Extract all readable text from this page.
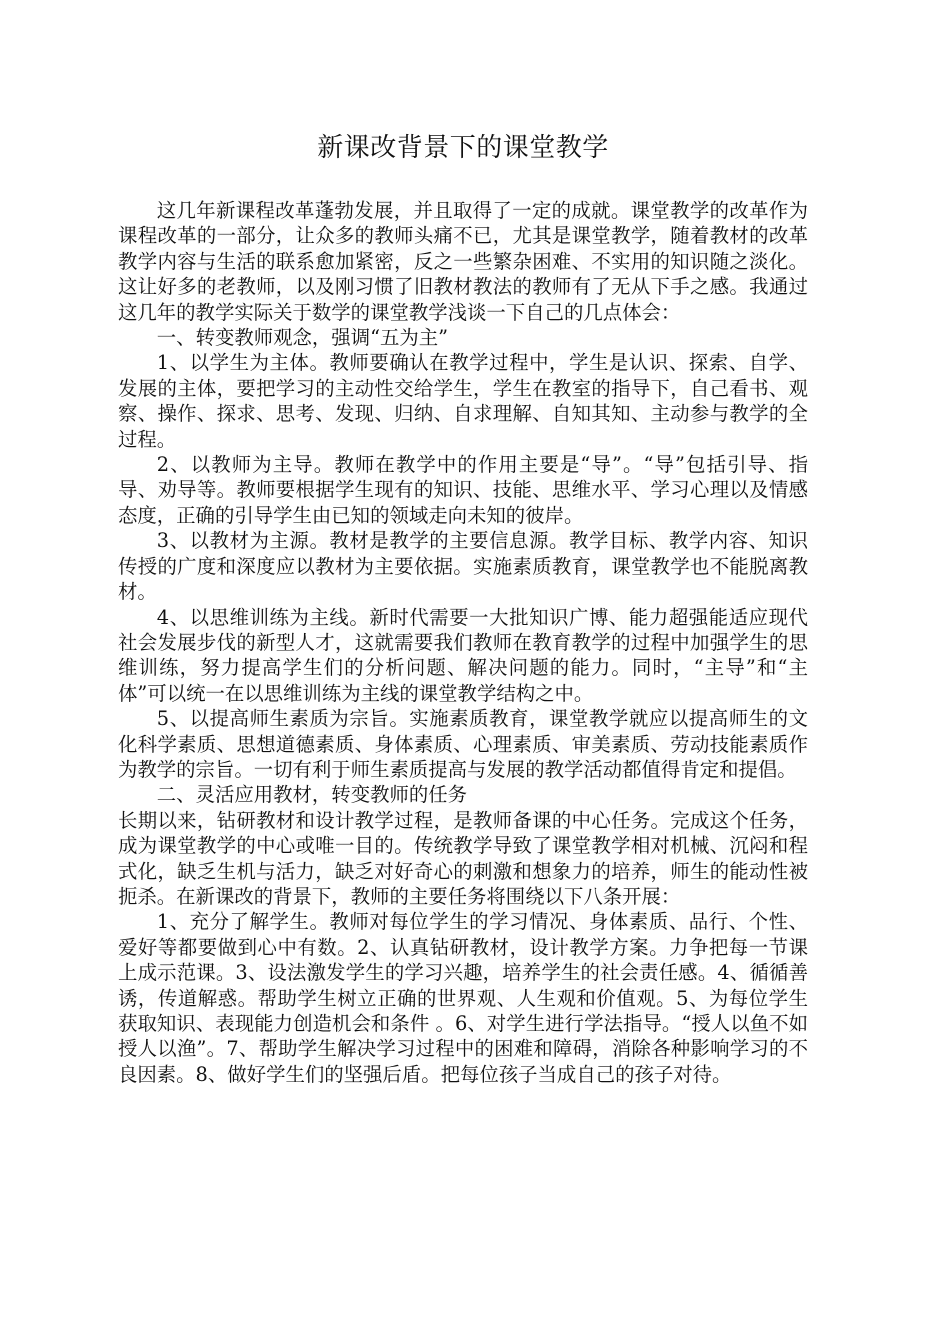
新课改背景下的课堂教学

这几年新课程改革蓬勃发展，并且取得了一定的成就。课堂教学的改革作为课程改革的一部分，让众多的教师头痛不已，尤其是课堂教学，随着教材的改革教学内容与生活的联系愈加紧密，反之一些繁杂困难、不实用的知识随之淡化。这让好多的老教师，以及刚习惯了旧教材教法的教师有了无从下手之感。我通过这几年的教学实际关于数学的课堂教学浅谈一下自己的几点体会：

一、转变教师观念，强调“五为主”

1、以学生为主体。教师要确认在教学过程中，学生是认识、探索、自学、发展的主体，要把学习的主动性交给学生，学生在教室的指导下，自己看书、观察、操作、探求、思考、发现、归纳、自求理解、自知其知、主动参与教学的全过程。

2、以教师为主导。教师在教学中的作用主要是“导”。“导”包括引导、指导、劝导等。教师要根据学生现有的知识、技能、思维水平、学习心理以及情感态度，正确的引导学生由已知的领域走向未知的彼岸。

3、以教材为主源。教材是教学的主要信息源。教学目标、教学内容、知识传授的广度和深度应以教材为主要依据。实施素质教育，课堂教学也不能脱离教材。

4、以思维训练为主线。新时代需要一大批知识广博、能力超强能适应现代社会发展步伐的新型人才，这就需要我们教师在教育教学的过程中加强学生的思维训练，努力提高学生们的分析问题、解决问题的能力。同时，“主导”和“主体”可以统一在以思维训练为主线的课堂教学结构之中。

5、以提高师生素质为宗旨。实施素质教育，课堂教学就应以提高师生的文化科学素质、思想道德素质、身体素质、心理素质、审美素质、劳动技能素质作为教学的宗旨。一切有利于师生素质提高与发展的教学活动都值得肯定和提倡。

二、灵活应用教材，转变教师的任务

长期以来，钻研教材和设计教学过程，是教师备课的中心任务。完成这个任务，成为课堂教学的中心或唯一目的。传统教学导致了课堂教学相对机械、沉闷和程式化，缺乏生机与活力，缺乏对好奇心的刺激和想象力的培养，师生的能动性被扼杀。在新课改的背景下，教师的主要任务将围绕以下八条开展：

1、充分了解学生。教师对每位学生的学习情况、身体素质、品行、个性、爱好等都要做到心中有数。2、认真钻研教材，设计教学方案。力争把每一节课上成示范课。3、设法激发学生的学习兴趣，培养学生的社会责任感。4、循循善诱，传道解惑。帮助学生树立正确的世界观、人生观和价值观。5、为每位学生获取知识、表现能力创造机会和条件 。6、对学生进行学法指导。“授人以鱼不如授人以渔”。7、帮助学生解决学习过程中的困难和障碍，消除各种影响学习的不良因素。8、做好学生们的坚强后盾。把每位孩子当成自己的孩子对待。
